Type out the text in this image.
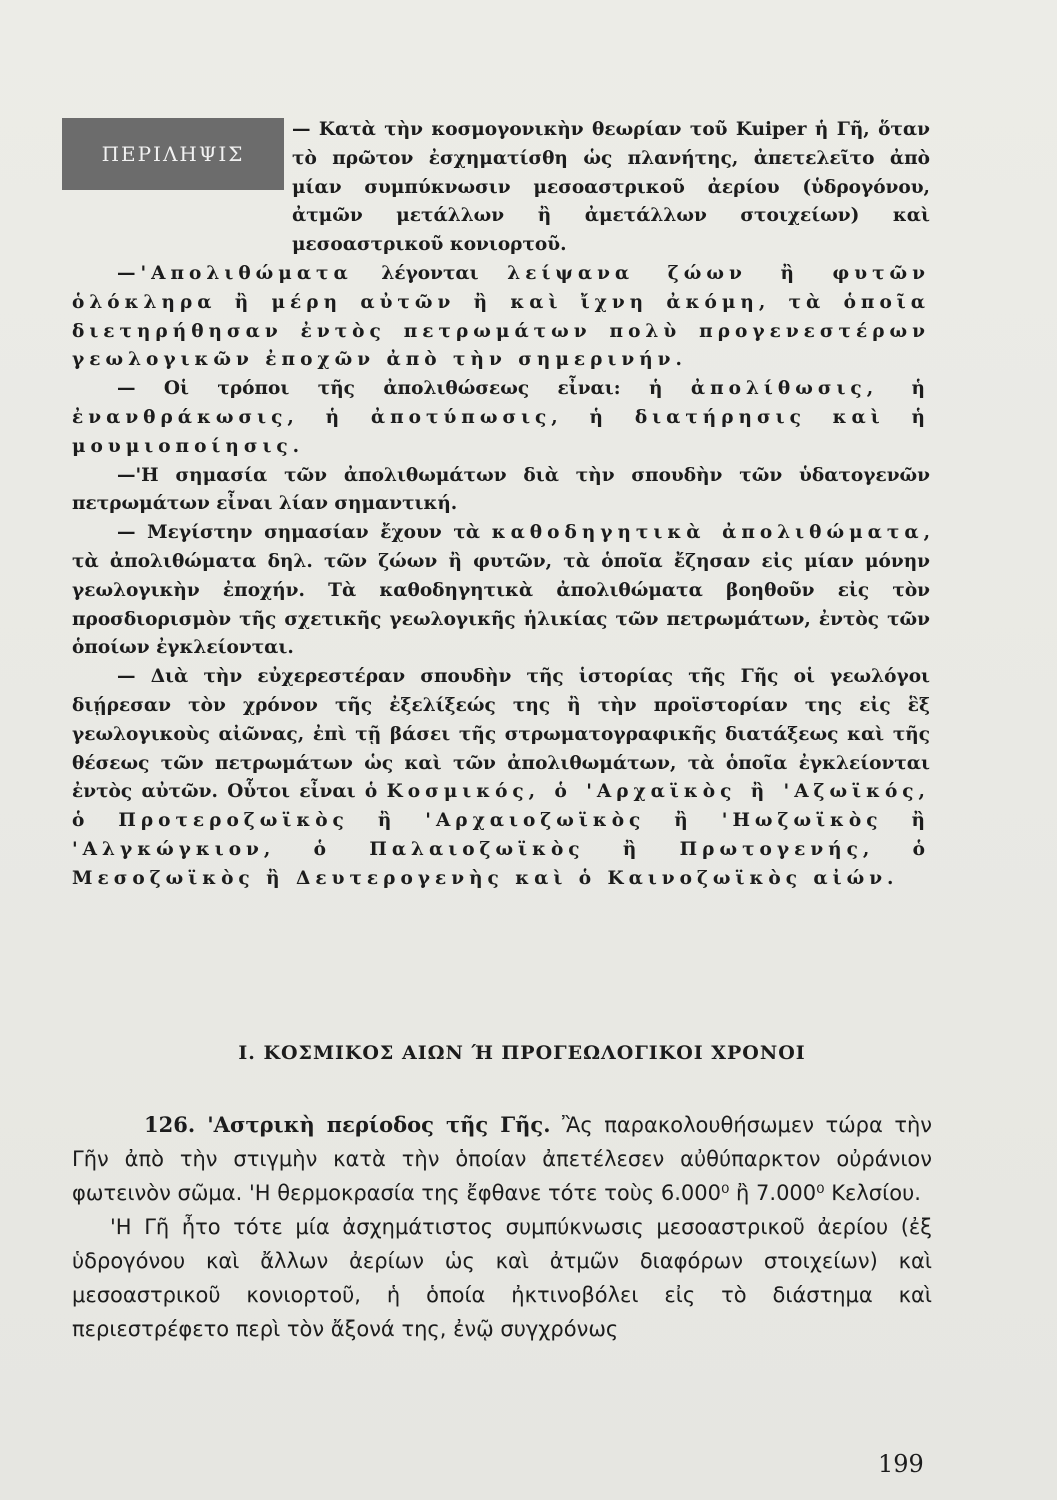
ΠΕΡΙΛΗΨΙΣ

— Κατὰ τὴν κοσμογονικὴν θεωρίαν τοῦ Kuiper ἡ Γῆ, ὅταν τὸ πρῶτον ἐσχηματίσθη ὡς πλανήτης, ἀπετελεῖτο ἀπὸ μίαν συμπύκνωσιν μεσοαστρικοῦ ἀερίου (ὑδρογόνου, ἀτμῶν μετάλλων ἢ ἀμετάλλων στοιχείων) καὶ μεσοαστρικοῦ κονιορτοῦ.

—'Απολιθώματα λέγονται λείψανα ζώων ἢ φυτῶν ὁλόκληρα ἢ μέρη αὐτῶν ἢ καὶ ἴχνη ἀκόμη, τὰ ὁποῖα διετηρήθησαν ἐντὸς πετρωμάτων πολὺ προγενεστέρων γεωλογικῶν ἐποχῶν ἀπὸ τὴν σημερινήν.

— Οἱ τρόποι τῆς ἀπολιθώσεως εἶναι: ἡ ἀπολίθωσις, ἡ ἐνανθράκωσις, ἡ ἀποτύπωσις, ἡ διατήρησις καὶ ἡ μουμιοποίησις.

—'Η σημασία τῶν ἀπολιθωμάτων διὰ τὴν σπουδὴν τῶν ὑδατογενῶν πετρωμάτων εἶναι λίαν σημαντική.

— Μεγίστην σημασίαν ἔχουν τὰ καθοδηγητικὰ ἀπολιθώματα, τὰ ἀπολιθώματα δηλ. τῶν ζώων ἢ φυτῶν, τὰ ὁποῖα ἔζησαν εἰς μίαν μόνην γεωλογικὴν ἐποχήν. Τὰ καθοδηγητικὰ ἀπολιθώματα βοηθοῦν εἰς τὸν προσδιορισμὸν τῆς σχετικῆς γεωλογικῆς ἡλικίας τῶν πετρωμάτων, ἐντὸς τῶν ὁποίων ἐγκλείονται.

— Διὰ τὴν εὐχερεστέραν σπουδὴν τῆς ἱστορίας τῆς Γῆς οἱ γεωλόγοι διῄρεσαν τὸν χρόνον τῆς ἐξελίξεώς της ἢ τὴν προϊστορίαν της εἰς ἓξ γεωλογικοὺς αἰῶνας, ἐπὶ τῇ βάσει τῆς στρωματογραφικῆς διατάξεως καὶ τῆς θέσεως τῶν πετρωμάτων ὡς καὶ τῶν ἀπολιθωμάτων, τὰ ὁποῖα ἐγκλείονται ἐντὸς αὐτῶν. Οὗτοι εἶναι ὁ Κοσμικός, ὁ 'Αρχαϊκὸς ἢ 'Αζωϊκός, ὁ Προτεροζωϊκὸς ἢ 'Αρχαιοζωϊκὸς ἢ 'Ηωζωϊκὸς ἢ 'Αλγκώγκιον, ὁ Παλαιοζωϊκὸς ἢ Πρωτογενής, ὁ Μεσοζωϊκὸς ἢ Δευτερογενὴς καὶ ὁ Καινοζωϊκὸς αἰών.

Ι. ΚΟΣΜΙΚΟΣ ΑΙΩΝ Ή ΠΡΟΓΕΩΛΟΓΙΚΟΙ ΧΡΟΝΟΙ

126. 'Αστρικὴ περίοδος τῆς Γῆς. Ἂς παρακολουθήσωμεν τώρα τὴν Γῆν ἀπὸ τὴν στιγμὴν κατὰ τὴν ὁποίαν ἀπετέλεσεν αὐθύπαρκτον οὐράνιον φωτεινὸν σῶμα. 'Η θερμοκρασία της ἔφθανε τότε τοὺς 6.000⁰ ἢ 7.000⁰ Κελσίου.

'Η Γῆ ἦτο τότε μία ἀσχημάτιστος συμπύκνωσις μεσοαστρικοῦ ἀερίου (ἐξ ὑδρογόνου καὶ ἄλλων ἀερίων ὡς καὶ ἀτμῶν διαφόρων στοιχείων) καὶ μεσοαστρικοῦ κονιορτοῦ, ἡ ὁποία ἠκτινοβόλει εἰς τὸ διάστημα καὶ περιεστρέφετο περὶ τὸν ἄξονά της, ἐνῷ συγχρόνως

199
